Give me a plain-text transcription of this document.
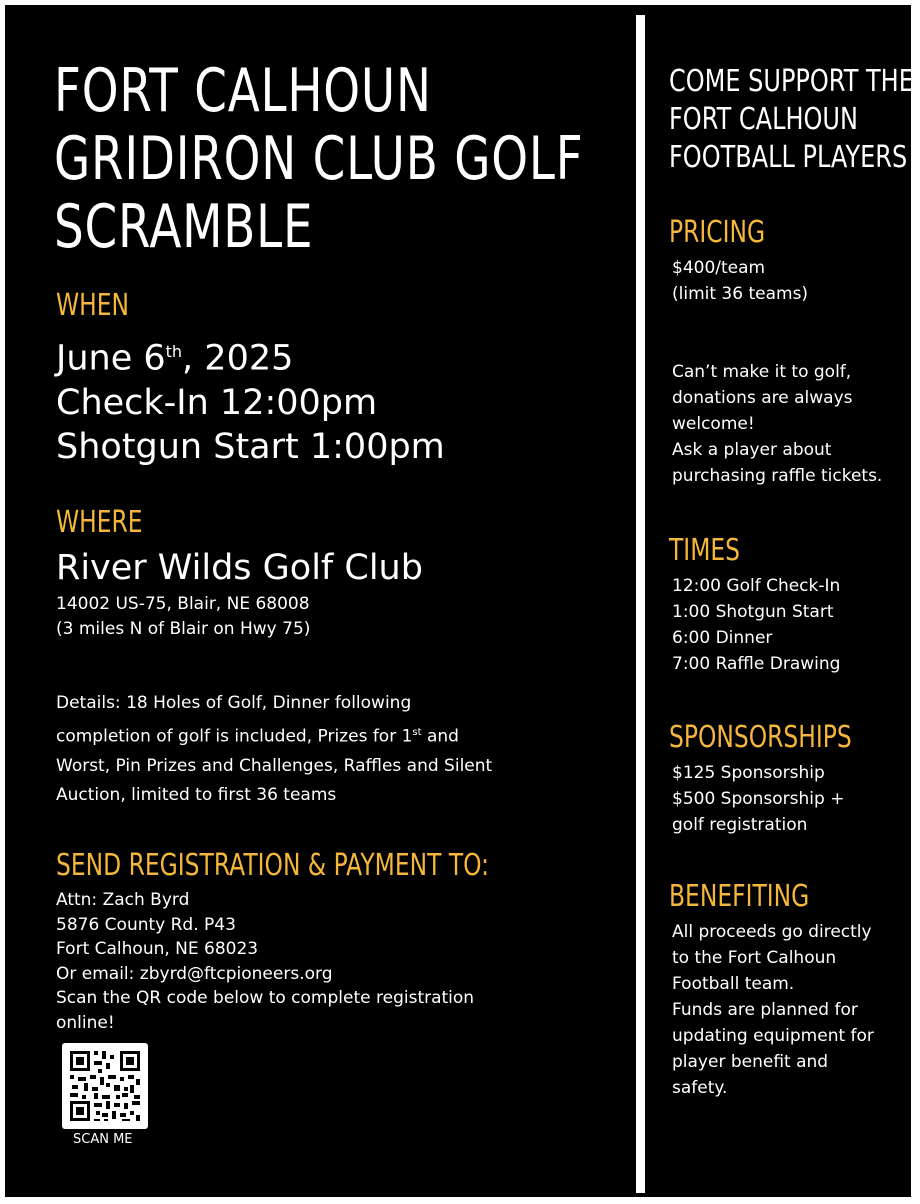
FORT CALHOUN
GRIDIRON CLUB GOLF
SCRAMBLE
WHEN
June 6th, 2025
Check-In 12:00pm
Shotgun Start 1:00pm
WHERE
River Wilds Golf Club
14002 US-75, Blair, NE 68008
(3 miles N of Blair on Hwy 75)
Details: 18 Holes of Golf, Dinner following
completion of golf is included, Prizes for 1st and
Worst, Pin Prizes and Challenges, Raffles and Silent
Auction, limited to first 36 teams
SEND REGISTRATION & PAYMENT TO:
Attn: Zach Byrd
5876 County Rd. P43
Fort Calhoun, NE 68023
Or email: zbyrd@ftcpioneers.org
Scan the QR code below to complete registration
online!
SCAN ME
COME SUPPORT THE
FORT CALHOUN
FOOTBALL PLAYERS
PRICING
$400/team
(limit 36 teams)
Can’t make it to golf,
donations are always
welcome!
Ask a player about
purchasing raffle tickets.
TIMES
12:00 Golf Check-In
1:00 Shotgun Start
6:00 Dinner
7:00 Raffle Drawing
SPONSORSHIPS
$125 Sponsorship
$500 Sponsorship +
golf registration
BENEFITING
All proceeds go directly
to the Fort Calhoun
Football team.
Funds are planned for
updating equipment for
player benefit and
safety.
